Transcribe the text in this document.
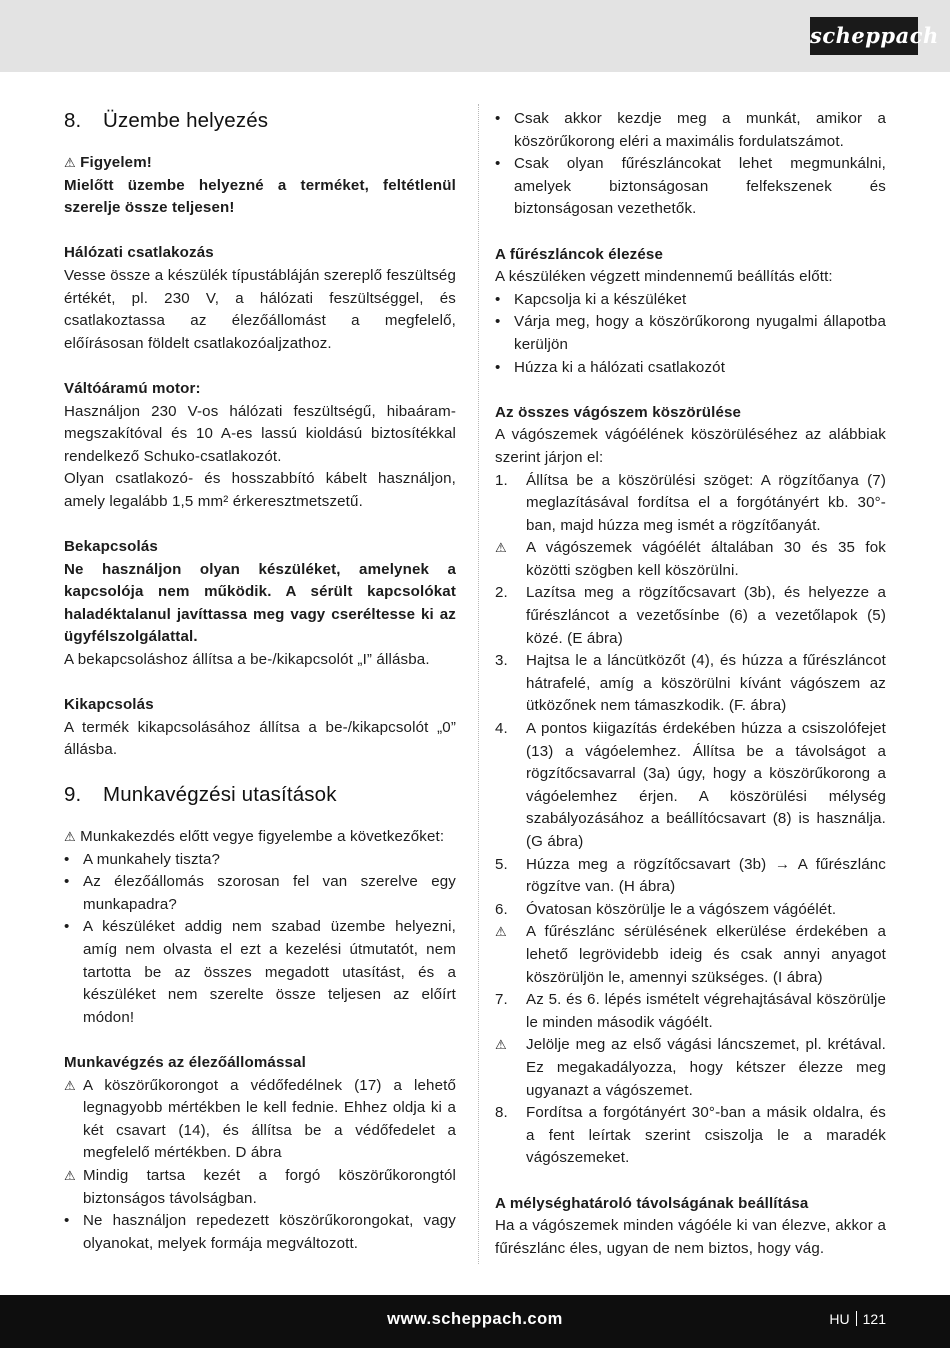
scheppach
8.	Üzembe helyezés

⚠ Figyelem!

Mielőtt üzembe helyezné a terméket, feltétlenül szerelje össze teljesen!

Hálózati csatlakozás

Vesse össze a készülék típustábláján szereplő feszültség értékét, pl. 230 V, a hálózati feszültséggel, és csatlakoztassa az élezőállomást a megfelelő, előírásosan földelt csatlakozóaljzathoz.

Váltóáramú motor:

Használjon 230 V-os hálózati feszültségű, hibaáram-megszakítóval és 10 A-es lassú kioldású biztosítékkal rendelkező Schuko-csatlakozót.

Olyan csatlakozó- és hosszabbító kábelt használjon, amely legalább 1,5 mm² érkeresztmetszetű.

Bekapcsolás

Ne használjon olyan készüléket, amelynek a kapcsolója nem működik. A sérült kapcsolókat haladéktalanul javíttassa meg vagy cseréltesse ki az ügyfélszolgálattal.

A bekapcsoláshoz állítsa a be-/kikapcsolót „I” állásba.

Kikapcsolás

A termék kikapcsolásához állítsa a be-/kikapcsolót „0” állásba.

9.	Munkavégzési utasítások

⚠ Munkakezdés előtt vegye figyelembe a következőket:

• A munkahely tiszta?
• Az élezőállomás szorosan fel van szerelve egy munkapadra?
• A készüléket addig nem szabad üzembe helyezni, amíg nem olvasta el ezt a kezelési útmutatót, nem tartotta be az összes megadott utasítást, és a készüléket nem szerelte össze teljesen az előírt módon!

Munkavégzés az élezőállomással

⚠ A köszörűkorongot a védőfedélnek (17) a lehető legnagyobb mértékben le kell fednie. Ehhez oldja ki a két csavart (14), és állítsa be a védőfedelet a megfelelő mértékben. D ábra
⚠ Mindig tartsa kezét a forgó köszörűkorongtól biztonságos távolságban.
• Ne használjon repedezett köszörűkorongokat, vagy olyanokat, melyek formája megváltozott.
• Csak akkor kezdje meg a munkát, amikor a köszörűkorong eléri a maximális fordulatszámot.
• Csak olyan fűrészláncokat lehet megmunkálni, amelyek biztonságosan felfekszenek és biztonságosan vezethetők.

A fűrészláncok élezése

A készüléken végzett mindennemű beállítás előtt:

• Kapcsolja ki a készüléket
• Várja meg, hogy a köszörűkorong nyugalmi állapotba kerüljön
• Húzza ki a hálózati csatlakozót

Az összes vágószem köszörülése

A vágószemek vágóélének köszörüléséhez az alábbiak szerint járjon el:

1.	Állítsa be a köszörülési szöget: A rögzítőanya (7) meglazításával fordítsa el a forgótányért kb. 30°-ban, majd húzza meg ismét a rögzítőanyát.
⚠	A vágószemek vágóélét általában 30 és 35 fok közötti szögben kell köszörülni.
2.	Lazítsa meg a rögzítőcsavart (3b), és helyezze a fűrészláncot a vezetősínbe (6) a vezetőlapok (5) közé. (E ábra)
3.	Hajtsa le a láncütközőt (4), és húzza a fűrészláncot hátrafelé, amíg a köszörülni kívánt vágószem az ütközőnek nem támaszkodik. (F. ábra)
4.	A pontos kiigazítás érdekében húzza a csiszolófejet (13) a vágóelemhez. Állítsa be a távolságot a rögzítőcsavarral (3a) úgy, hogy a köszörűkorong a vágóelemhez érjen. A köszörülési mélység szabályozásához a beállítócsavart (8) is használja. (G ábra)
5.	Húzza meg a rögzítőcsavart (3b) → A fűrészlánc rögzítve van. (H ábra)
6.	Óvatosan köszörülje le a vágószem vágóélét.
⚠	A fűrészlánc sérülésének elkerülése érdekében a lehető legrövidebb ideig és csak annyi anyagot köszörüljön le, amennyi szükséges. (I ábra)
7.	Az 5. és 6. lépés ismételt végrehajtásával köszörülje le minden második vágóélt.
⚠	Jelölje meg az első vágási láncszemet, pl. krétával. Ez megakadályozza, hogy kétszer élezze meg ugyanazt a vágószemet.
8.	Fordítsa a forgótányért 30°-ban a másik oldalra, és a fent leírtak szerint csiszolja le a maradék vágószemeket.

A mélységhatároló távolságának beállítása

Ha a vágószemek minden vágóéle ki van élezve, akkor a fűrészlánc éles, ugyan de nem biztos, hogy vág.

www.scheppach.com	HU 121
